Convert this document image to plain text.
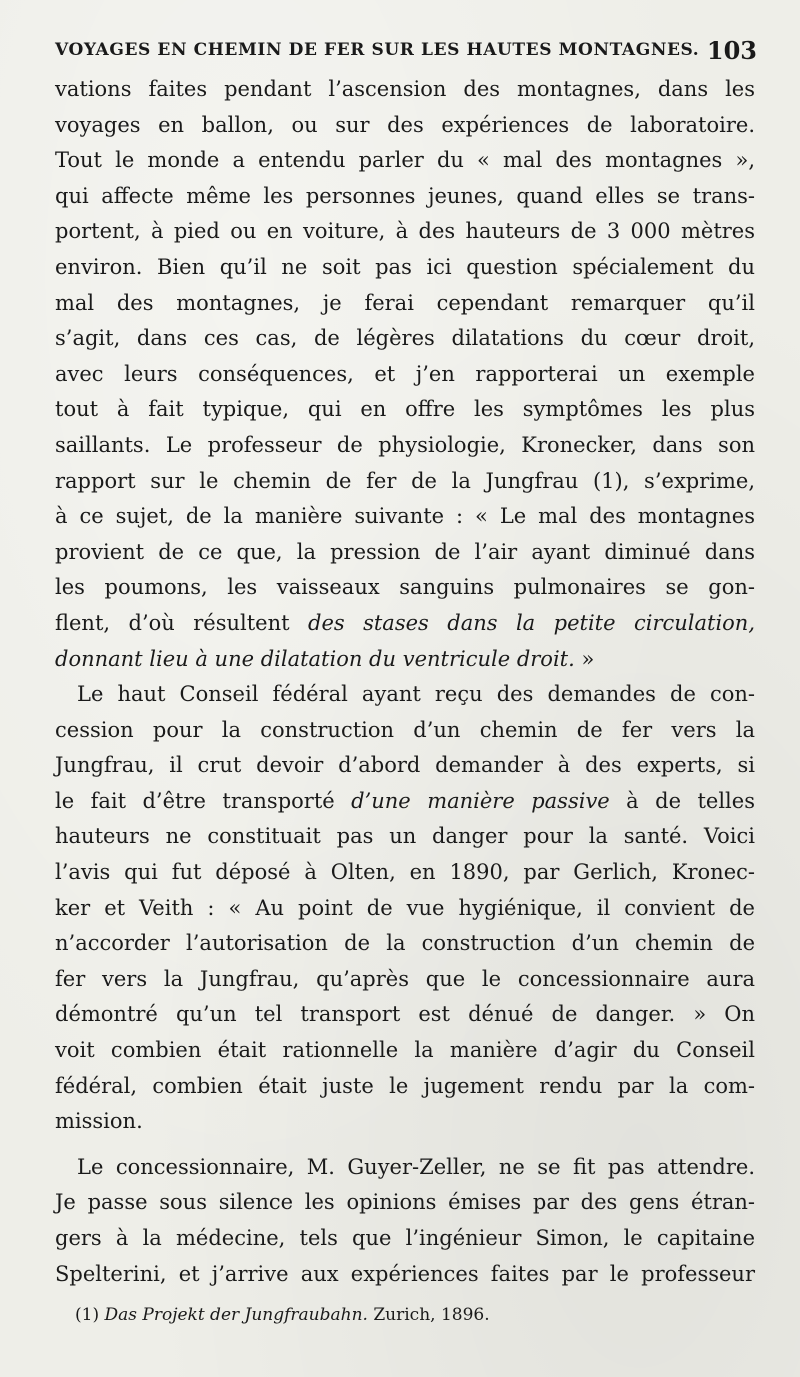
VOYAGES EN CHEMIN DE FER SUR LES HAUTES MONTAGNES. 103
vations faites pendant l’ascension des montagnes, dans les
voyages en ballon, ou sur des expériences de laboratoire.
Tout le monde a entendu parler du « mal des montagnes »,
qui affecte même les personnes jeunes, quand elles se trans-
portent, à pied ou en voiture, à des hauteurs de 3 000 mètres
environ. Bien qu’il ne soit pas ici question spécialement du
mal des montagnes, je ferai cependant remarquer qu’il
s’agit, dans ces cas, de légères dilatations du cœur droit,
avec leurs conséquences, et j’en rapporterai un exemple
tout à fait typique, qui en offre les symptômes les plus
saillants. Le professeur de physiologie, Kronecker, dans son
rapport sur le chemin de fer de la Jungfrau (1), s’exprime,
à ce sujet, de la manière suivante : « Le mal des montagnes
provient de ce que, la pression de l’air ayant diminué dans
les poumons, les vaisseaux sanguins pulmonaires se gon-
flent, d’où résultent des stases dans la petite circulation,
donnant lieu à une dilatation du ventricule droit. »
Le haut Conseil fédéral ayant reçu des demandes de con-
cession pour la construction d’un chemin de fer vers la
Jungfrau, il crut devoir d’abord demander à des experts, si
le fait d’être transporté d’une manière passive à de telles
hauteurs ne constituait pas un danger pour la santé. Voici
l’avis qui fut déposé à Olten, en 1890, par Gerlich, Kronec-
ker et Veith : « Au point de vue hygiénique, il convient de
n’accorder l’autorisation de la construction d’un chemin de
fer vers la Jungfrau, qu’après que le concessionnaire aura
démontré qu’un tel transport est dénué de danger. » On
voit combien était rationnelle la manière d’agir du Conseil
fédéral, combien était juste le jugement rendu par la com-
mission.
Le concessionnaire, M. Guyer-Zeller, ne se fit pas attendre.
Je passe sous silence les opinions émises par des gens étran-
gers à la médecine, tels que l’ingénieur Simon, le capitaine
Spelterini, et j’arrive aux expériences faites par le professeur
(1) Das Projekt der Jungfraubahn. Zurich, 1896.
